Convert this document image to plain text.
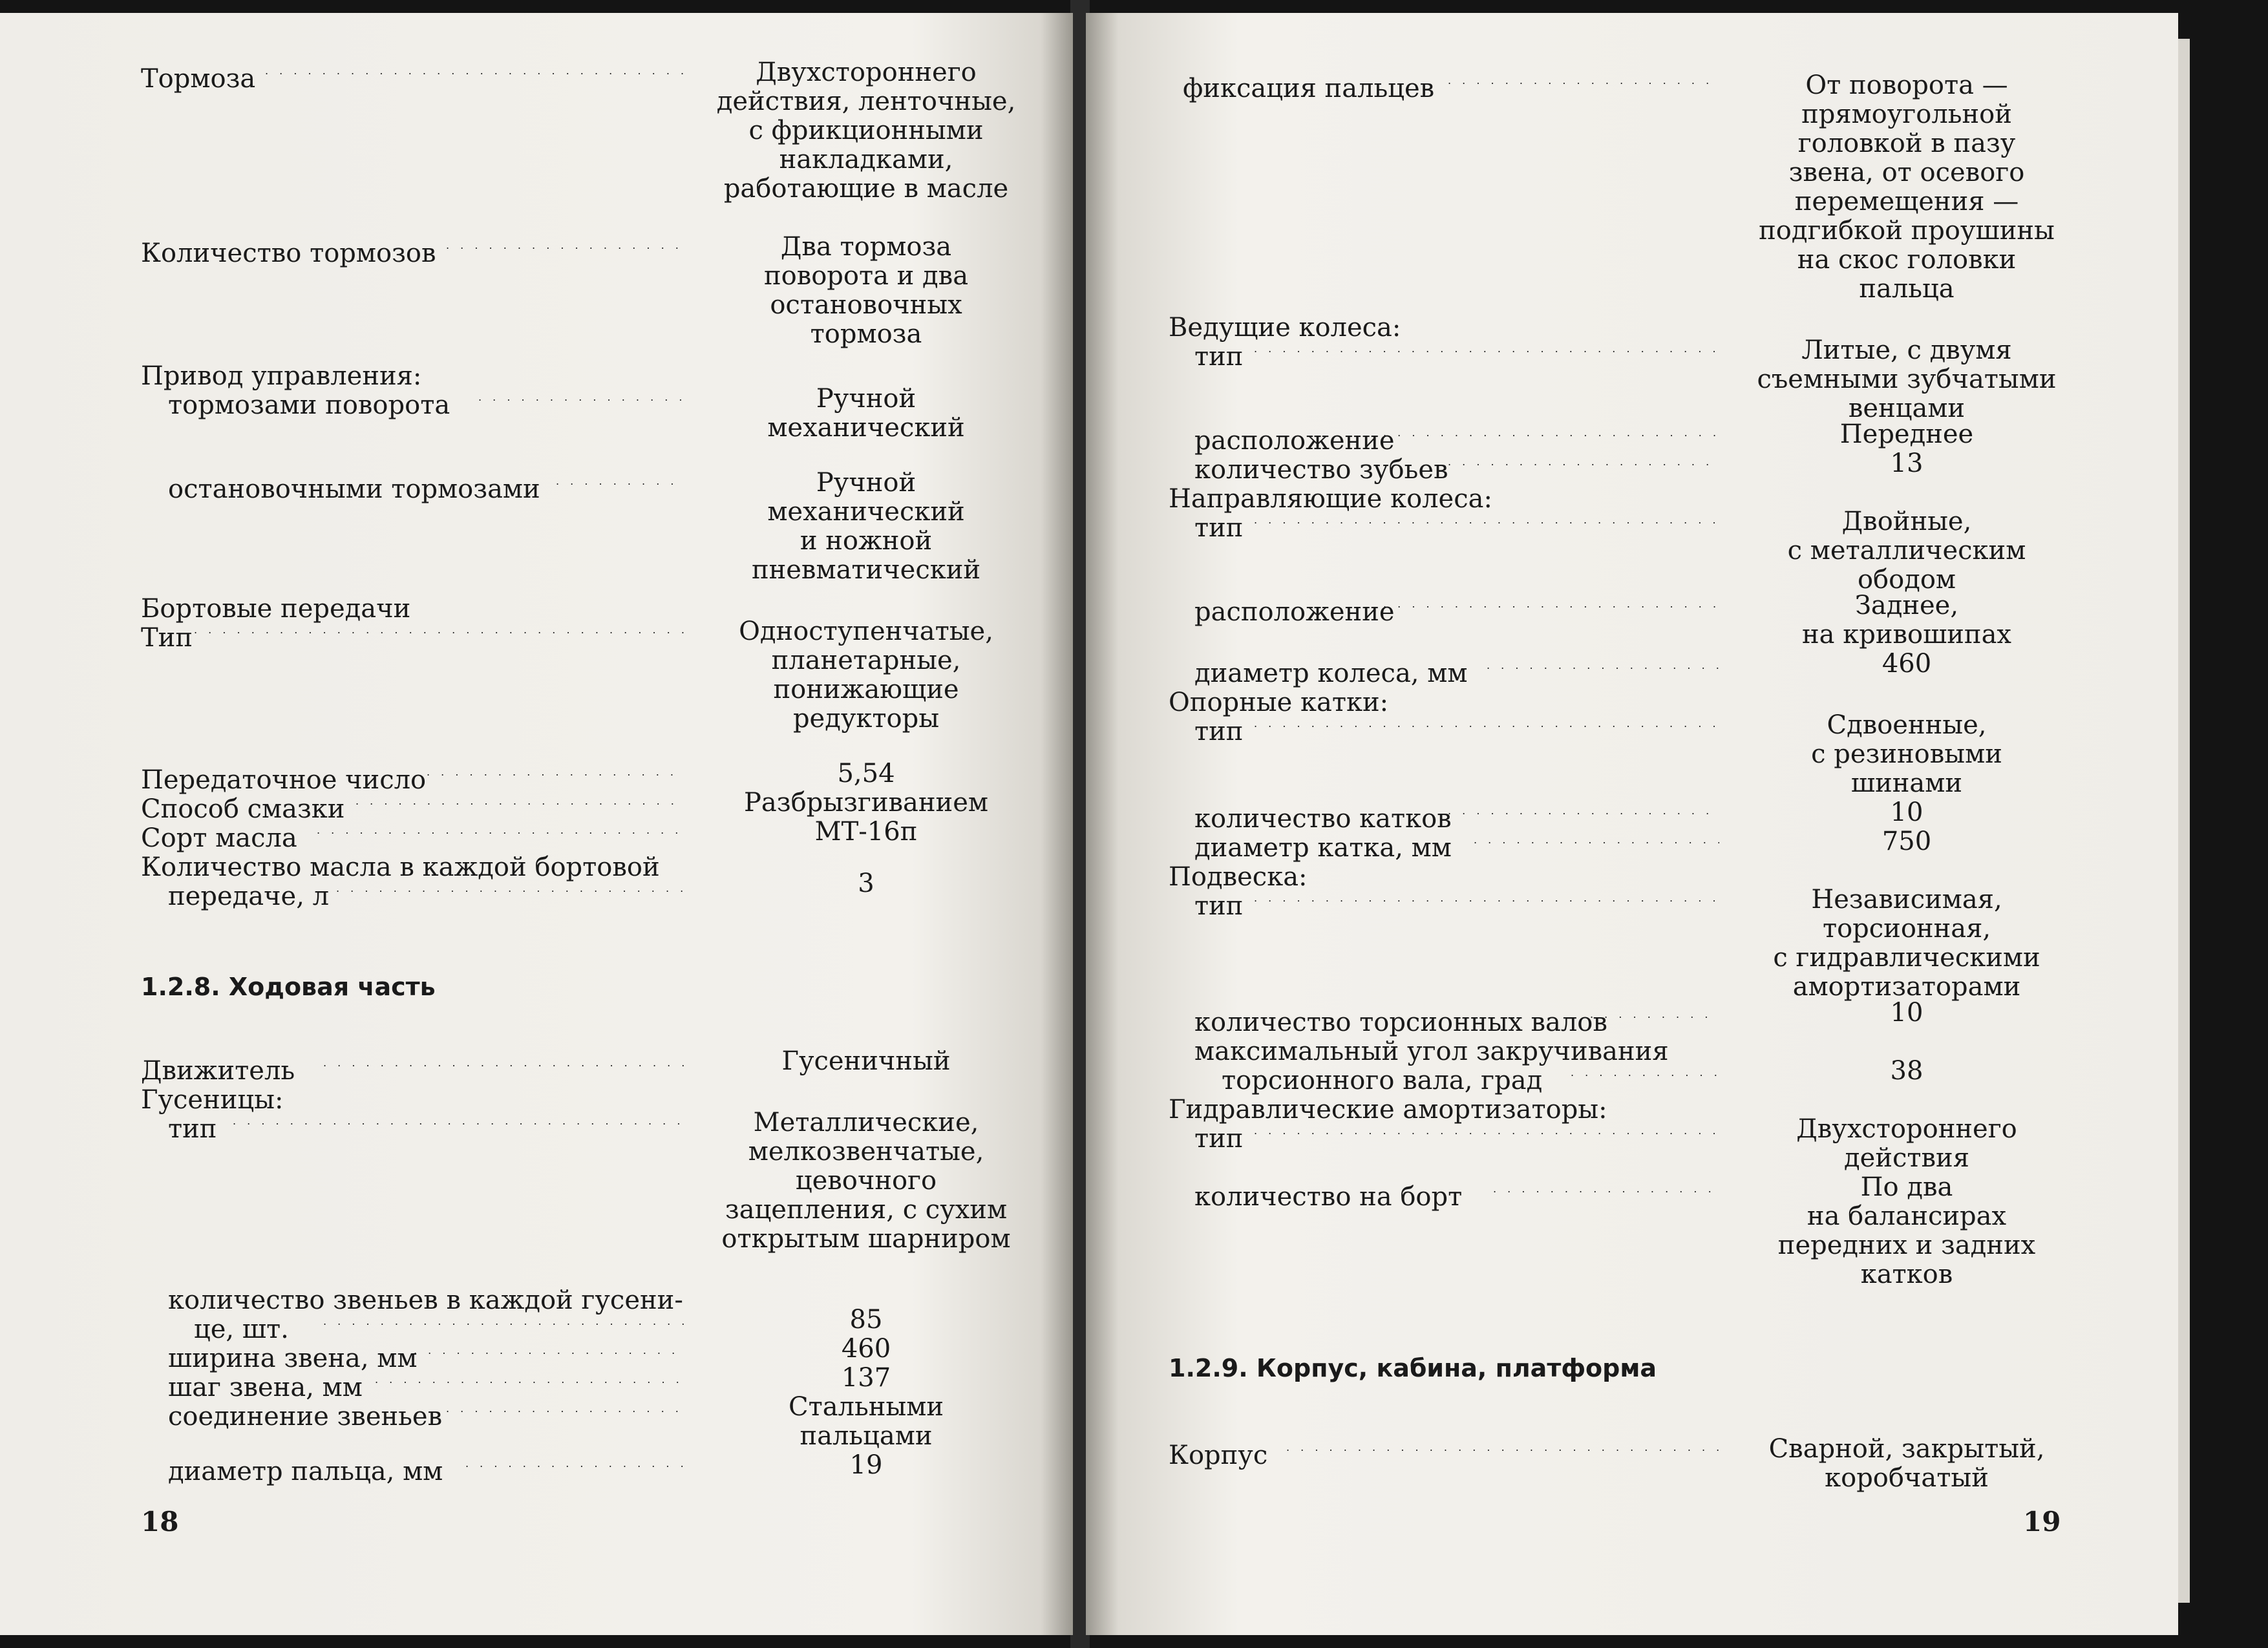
Тормоза . . .	Двухстороннего
действия, ленточные,
с фрикционными
накладками,
работающие в масле
Количество тормозов . . .	Два тормоза
поворота и два
остановочных
тормоза
Привод управления:
тормозами поворота . . .	Ручной
механический
остановочными тормозами . . .	Ручной
механический
и ножной
пневматический
Бортовые передачи
Тип . . .	Одноступенчатые,
планетарные,
понижающие
редукторы
Передаточное число . . .	5,54
Способ смазки . . .	Разбрызгиванием
Сорт масла . . .	МТ-16п
Количество масла в каждой бортовой
передаче, л . . .	3
1.2.8. Ходовая часть
Движитель . . .	Гусеничный
Гусеницы:
тип . . .	Металлические,
мелкозвенчатые,
цевочного
зацепления, с сухим
открытым шарниром
количество звеньев в каждой гусени-
це, шт. . . .	85
ширина звена, мм . . .	460
шаг звена, мм . . .	137
соединение звеньев . . .	Стальными
пальцами
диаметр пальца, мм . . .	19
18
фиксация пальцев . . .	От поворота —
прямоугольной
головкой в пазу
звена, от осевого
перемещения —
подгибкой проушины
на скос головки
пальца
Ведущие колеса:
тип . . .	Литые, с двумя
съемными зубчатыми
венцами
расположение . . .	Переднее
количество зубьев . . .	13
Направляющие колеса:
тип . . .	Двойные,
с металлическим
ободом
расположение . . .	Заднее,
на кривошипах
диаметр колеса, мм . . .	460
Опорные катки:
тип . . .	Сдвоенные,
с резиновыми
шинами
количество катков . . .	10
диаметр катка, мм . . .	750
Подвеска:
тип . . .	Независимая,
торсионная,
с гидравлическими
амортизаторами
количество торсионных валов . . .	10
максимальный угол закручивания
торсионного вала, град . . .	38
Гидравлические амортизаторы:
тип . . .	Двухстороннего
действия
количество на борт . . .	По два
на балансирах
передних и задних
катков
1.2.9. Корпус, кабина, платформа
Корпус . . .	Сварной, закрытый,
коробчатый
19
